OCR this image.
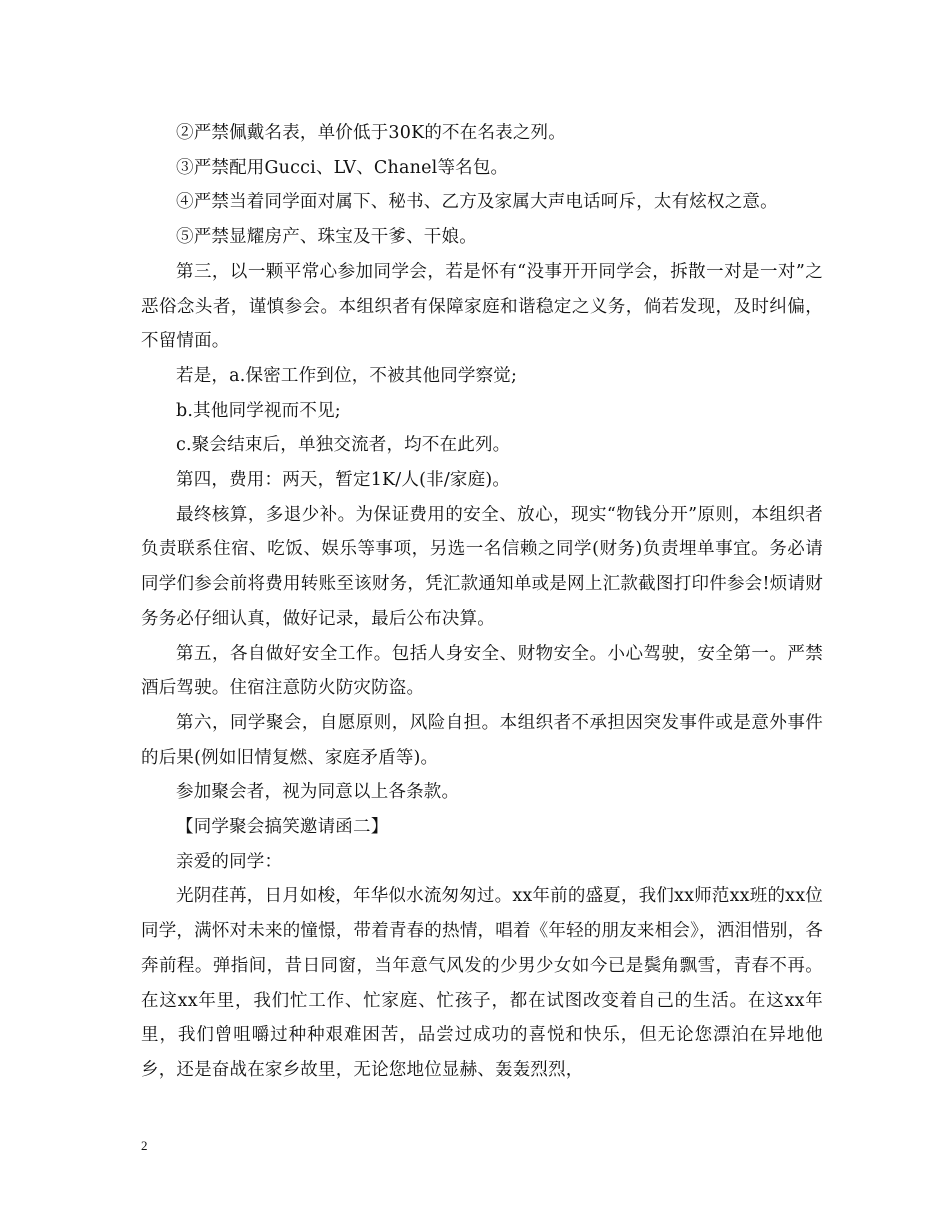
②严禁佩戴名表，单价低于30K的不在名表之列。

③严禁配用Gucci、LV、Chanel等名包。

④严禁当着同学面对属下、秘书、乙方及家属大声电话呵斥，太有炫权之意。

⑤严禁显耀房产、珠宝及干爹、干娘。

第三，以一颗平常心参加同学会，若是怀有“没事开开同学会，拆散一对是一对”之恶俗念头者，谨慎参会。本组织者有保障家庭和谐稳定之义务，倘若发现，及时纠偏，不留情面。

若是，a.保密工作到位，不被其他同学察觉;

b.其他同学视而不见;

c.聚会结束后，单独交流者，均不在此列。

第四，费用：两天，暂定1K/人(非/家庭)。

最终核算，多退少补。为保证费用的安全、放心，现实“物钱分开”原则，本组织者负责联系住宿、吃饭、娱乐等事项，另选一名信赖之同学(财务)负责埋单事宜。务必请同学们参会前将费用转账至该财务，凭汇款通知单或是网上汇款截图打印件参会!烦请财务务必仔细认真，做好记录，最后公布决算。

第五，各自做好安全工作。包括人身安全、财物安全。小心驾驶，安全第一。严禁酒后驾驶。住宿注意防火防灾防盗。

第六，同学聚会，自愿原则，风险自担。本组织者不承担因突发事件或是意外事件的后果(例如旧情复燃、家庭矛盾等)。

参加聚会者，视为同意以上各条款。

【同学聚会搞笑邀请函二】

亲爱的同学：

光阴荏苒，日月如梭，年华似水流匆匆过。xx年前的盛夏，我们xx师范xx班的xx位同学，满怀对未来的憧憬，带着青春的热情，唱着《年轻的朋友来相会》，洒泪惜别，各奔前程。弹指间，昔日同窗，当年意气风发的少男少女如今已是鬓角飘雪，青春不再。在这xx年里，我们忙工作、忙家庭、忙孩子，都在试图改变着自己的生活。在这xx年里，我们曾咀嚼过种种艰难困苦，品尝过成功的喜悦和快乐，但无论您漂泊在异地他乡，还是奋战在家乡故里，无论您地位显赫、轰轰烈烈，

2
